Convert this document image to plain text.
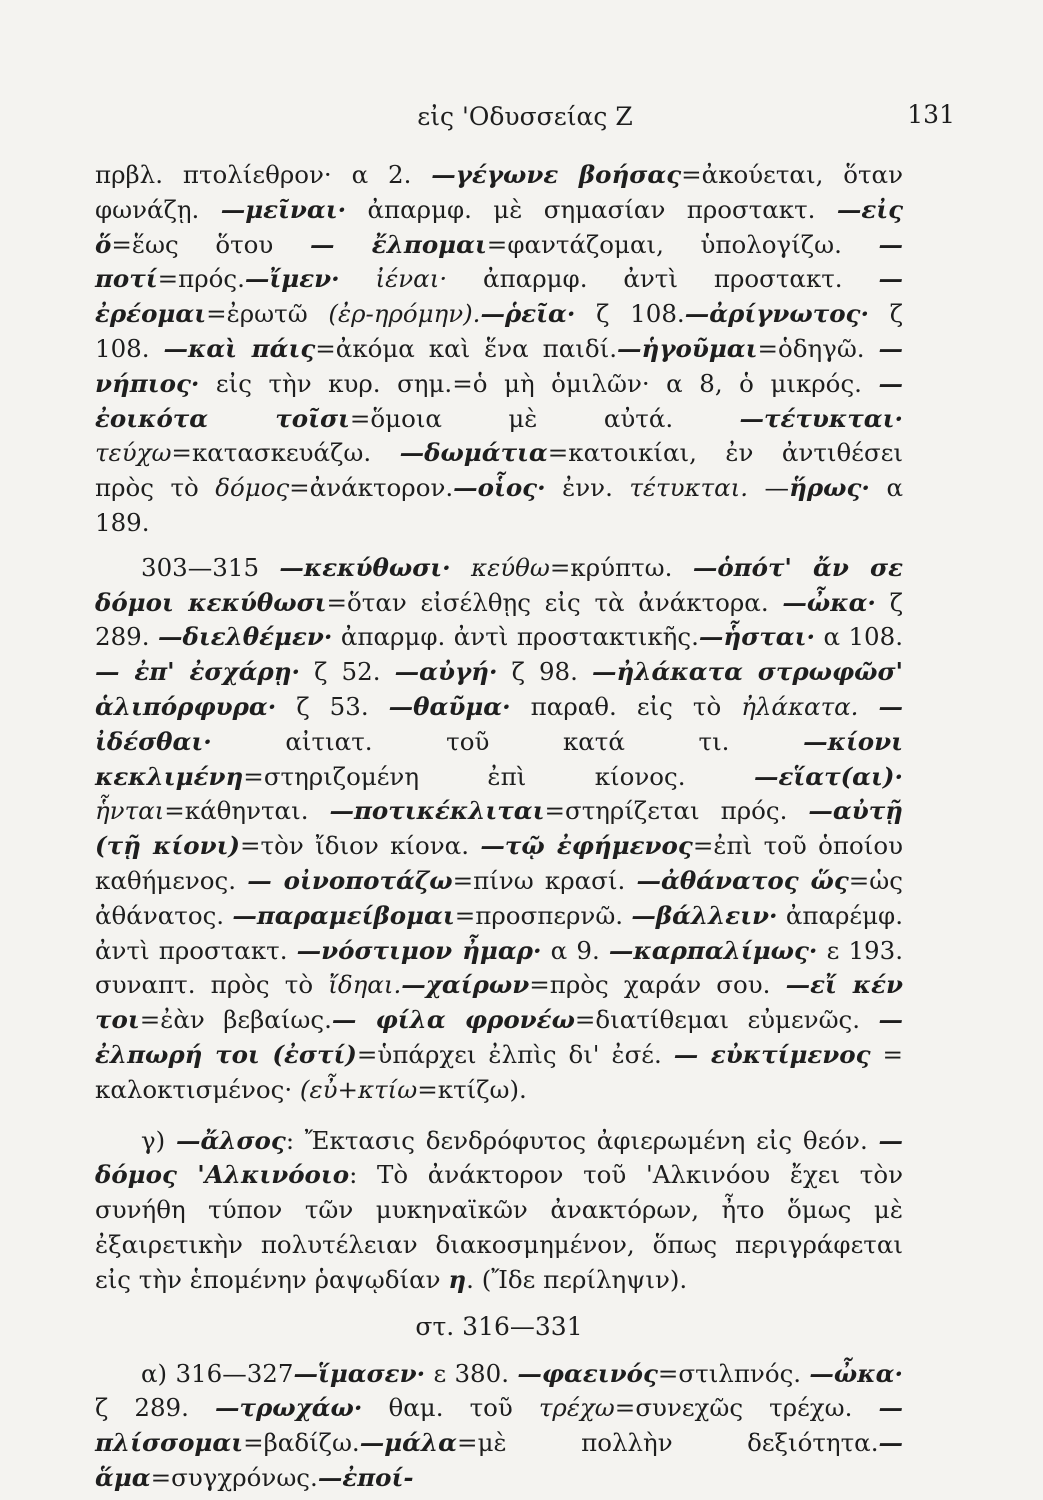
εἰς 'Οδυσσείας Ζ	131

πρβλ. πτολίεθρον· α 2. —γέγωνε βοήσας=ἀκούεται, ὅταν φωνάζῃ. —μεῖναι· ἀπαρμφ. μὲ σημασίαν προστακτ. —εἰς ὅ=ἕως ὅτου — ἔλπομαι=φαντάζομαι, ὑπολογίζω. —ποτί=πρός.—ἴμεν· ἰέναι· ἀπαρμφ. ἀντὶ προστακτ. —ἐρέομαι=ἐρωτῶ (ἐρ-ηρόμην).—ῥεῖα· ζ 108.—ἀρίγνωτος· ζ 108. —καὶ πάις=ἀκόμα καὶ ἕνα παιδί.—ἡγοῦμαι=ὁδηγῶ. —νήπιος· εἰς τὴν κυρ. σημ.=ὁ μὴ ὁμιλῶν· α 8, ὁ μικρός. —ἐοικότα τοῖσι=ὅμοια μὲ αὐτά. —τέτυκται· τεύχω=κατασκευάζω. —δωμάτια=κατοικίαι, ἐν ἀντιθέσει πρὸς τὸ δόμος=ἀνάκτορον.—οἷος· ἐνν. τέτυκται. —ἥρως· α 189.

303—315 —κεκύθωσι· κεύθω=κρύπτω. —ὁπότ' ἄν σε δόμοι κεκύθωσι=ὅταν εἰσέλθῃς εἰς τὰ ἀνάκτορα. —ὦκα· ζ 289. —διελθέμεν· ἀπαρμφ. ἀντὶ προστακτικῆς.—ἧσται· α 108.— ἐπ' ἐσχάρῃ· ζ 52. —αὐγή· ζ 98. —ἠλάκατα στρωφῶσ' ἁλιπόρφυρα· ζ 53. —θαῦμα· παραθ. εἰς τὸ ἠλάκατα. —ἰδέσθαι· αἰτιατ. τοῦ κατά τι. —κίονι κεκλιμένη=στηριζομένη ἐπὶ κίονος. —εἵατ(αι)· ἧνται=κάθηνται. —ποτικέκλιται=στηρίζεται πρός. —αὐτῇ (τῇ κίονι)=τὸν ἴδιον κίονα. —τῷ ἐφήμενος=ἐπὶ τοῦ ὁποίου καθήμενος. — οἰνοποτάζω=πίνω κρασί. —ἀθάνατος ὥς=ὡς ἀθάνατος. —παραμείβομαι=προσπερνῶ. —βάλλειν· ἀπαρέμφ. ἀντὶ προστακτ. —νόστιμον ἦμαρ· α 9. —καρπαλίμως· ε 193. συναπτ. πρὸς τὸ ἴδηαι.—χαίρων=πρὸς χαράν σου. —εἴ κέν τοι=ἐὰν βεβαίως.— φίλα φρονέω=διατίθεμαι εὐμενῶς. —ἐλπωρή τοι (ἐστί)=ὑπάρχει ἐλπὶς δι' ἐσέ. — εὐκτίμενος = καλοκτισμένος· (εὖ+κτίω=κτίζω).

γ) —ἄλσος: Ἔκτασις δενδρόφυτος ἀφιερωμένη εἰς θεόν. — δόμος 'Αλκινόοιο: Τὸ ἀνάκτορον τοῦ 'Αλκινόου ἔχει τὸν συνήθη τύπον τῶν μυκηναϊκῶν ἀνακτόρων, ἦτο ὅμως μὲ ἐξαιρετικὴν πολυτέλειαν διακοσμημένον, ὅπως περιγράφεται εἰς τὴν ἑπομένην ῥαψῳδίαν η. (Ἴδε περίληψιν).

στ. 316—331

α) 316—327—ἵμασεν· ε 380. —φαεινός=στιλπνός. —ὦκα· ζ 289. —τρωχάω· θαμ. τοῦ τρέχω=συνεχῶς τρέχω. —πλίσσομαι=βαδίζω.—μάλα=μὲ πολλὴν δεξιότητα.—ἅμα=συγχρόνως.—ἐποί-
